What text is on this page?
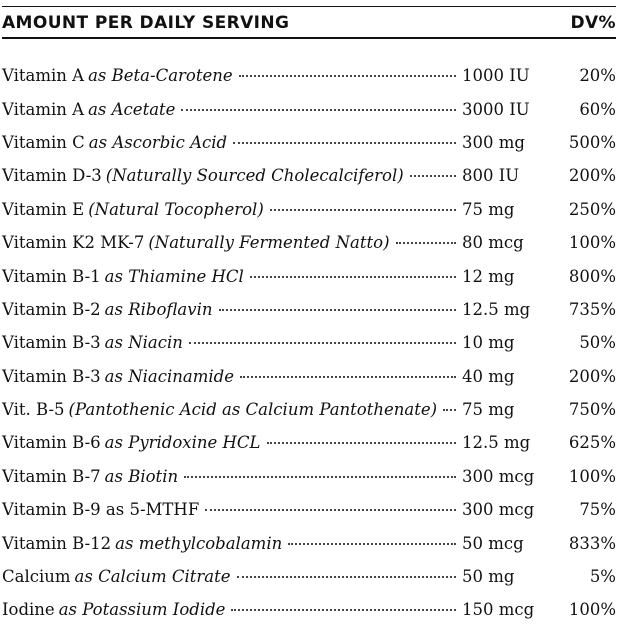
AMOUNT PER DAILY SERVING	DV%
Vitamin A as Beta-Carotene	1000 IU	20%
Vitamin A as Acetate	3000 IU	60%
Vitamin C as Ascorbic Acid	300 mg	500%
Vitamin D-3 (Naturally Sourced Cholecalciferol)	800 IU	200%
Vitamin E (Natural Tocopherol)	75 mg	250%
Vitamin K2 MK-7 (Naturally Fermented Natto)	80 mcg	100%
Vitamin B-1 as Thiamine HCl	12 mg	800%
Vitamin B-2 as Riboflavin	12.5 mg	735%
Vitamin B-3 as Niacin	10 mg	50%
Vitamin B-3 as Niacinamide	40 mg	200%
Vit. B-5 (Pantothenic Acid as Calcium Pantothenate) 75 mg	750%
Vitamin B-6 as Pyridoxine HCL	12.5 mg	625%
Vitamin B-7 as Biotin	300 mcg	100%
Vitamin B-9 as 5-MTHF	300 mcg	75%
Vitamin B-12 as methylcobalamin	50 mcg	833%
Calcium as Calcium Citrate	50 mg	5%
Iodine as Potassium Iodide	150 mcg	100%
